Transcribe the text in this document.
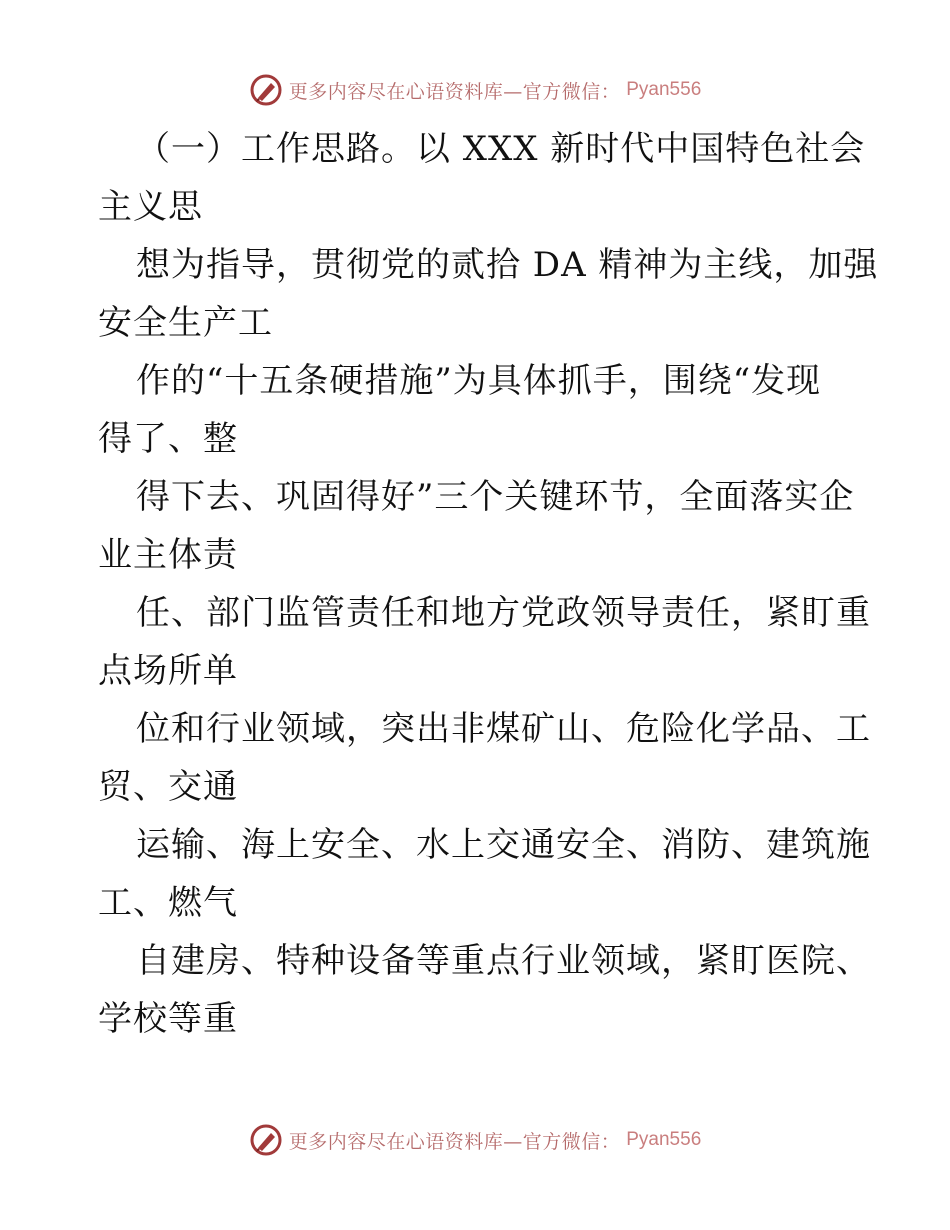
更多内容尽在心语资料库—官方微信： Pyan556
（一）工作思路。以 XXX 新时代中国特色社会
主义思
想为指导，贯彻党的贰拾 DA 精神为主线，加强
安全生产工
作的“十五条硬措施”为具体抓手，围绕“发现
得了、整
得下去、巩固得好”三个关键环节，全面落实企
业主体责
任、部门监管责任和地方党政领导责任，紧盯重
点场所单
位和行业领域，突出非煤矿山、危险化学品、工
贸、交通
运输、海上安全、水上交通安全、消防、建筑施
工、燃气
自建房、特种设备等重点行业领域，紧盯医院、
学校等重
更多内容尽在心语资料库—官方微信： Pyan556
